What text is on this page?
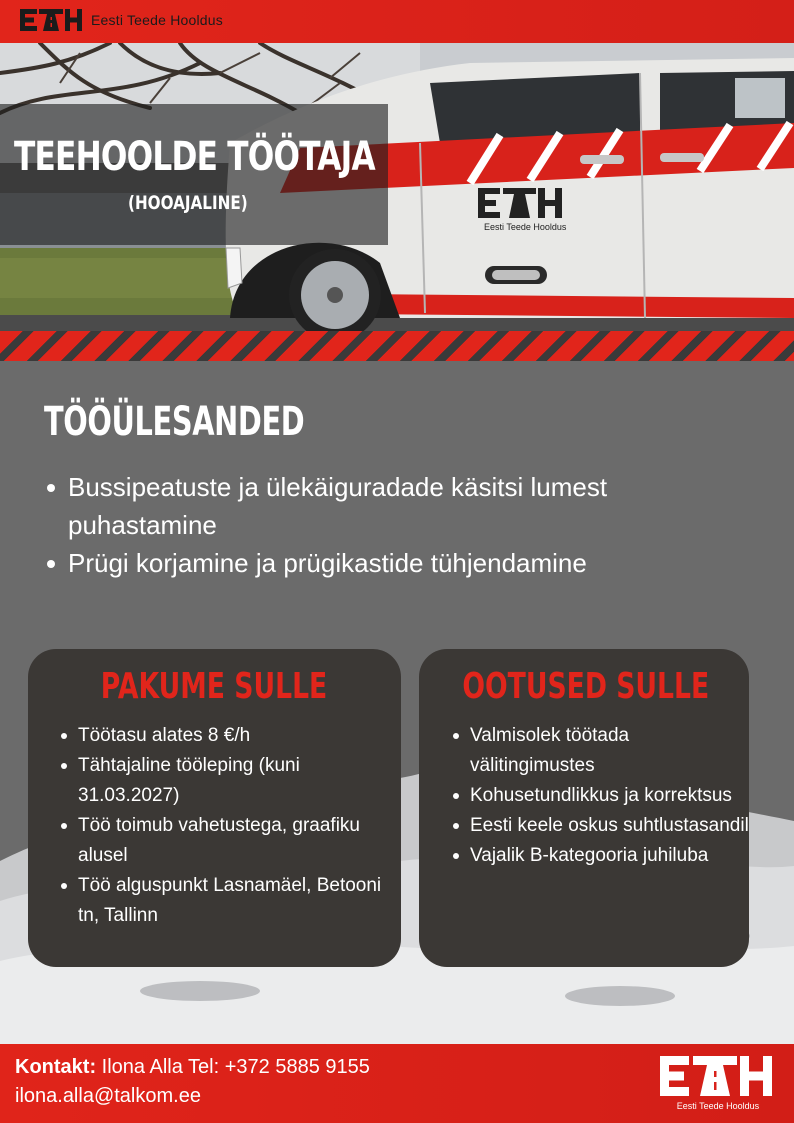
Eesti Teede Hooldus
Eesti Teede Hooldus
TEEHOOLDE TÖÖTAJA
(HOOAJALINE)
TÖÖÜLESANDED
Bussipeatuste ja ülekäiguradade käsitsi lumest puhastamine
Prügi korjamine ja prügikastide tühjendamine
PAKUME SULLE
Töötasu alates 8 €/h
Tähtajaline tööleping (kuni 31.03.2027)
Töö toimub vahetustega, graafiku alusel
Töö alguspunkt Lasnamäel, Betooni tn, Tallinn
OOTUSED SULLE
Valmisolek töötada välitingimustes
Kohusetundlikkus ja korrektsus
Eesti keele oskus suhtlustasandil
Vajalik B-kategooria juhiluba
Kontakt: Ilona Alla Tel: +372 5885 9155
ilona.alla@talkom.ee	Eesti Teede Hooldus
